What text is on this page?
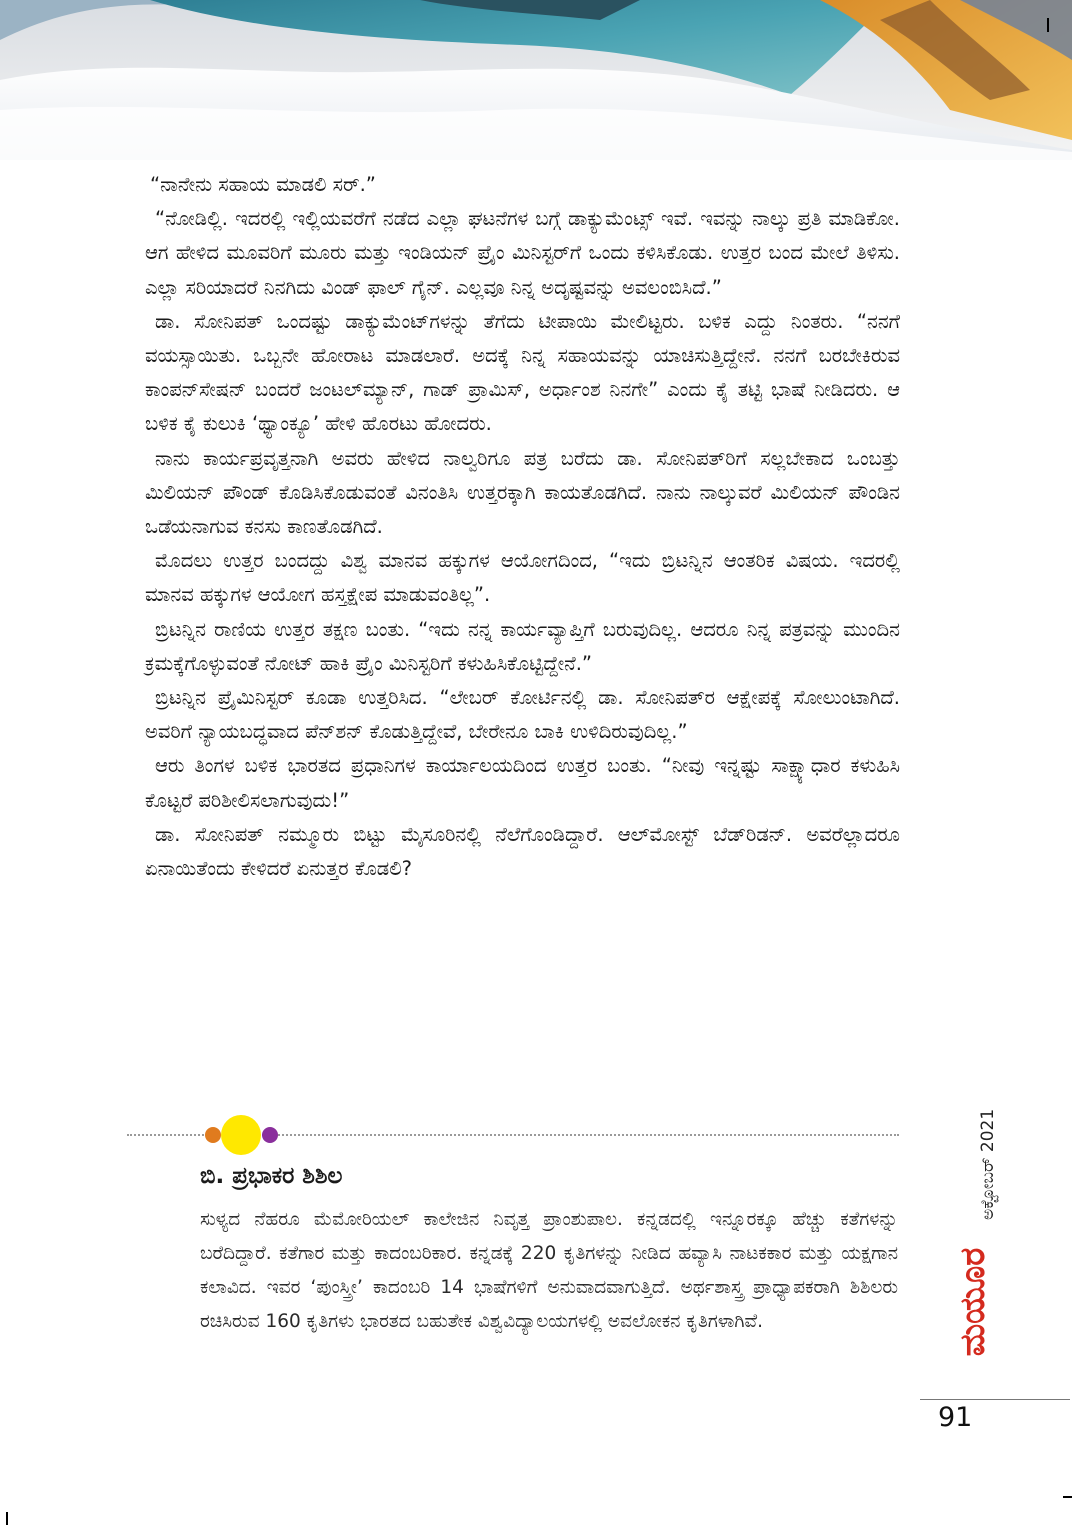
“ನಾನೇನು ಸಹಾಯ ಮಾಡಲಿ ಸರ್.”

“ನೋಡಿಲ್ಲಿ. ಇದರಲ್ಲಿ ಇಲ್ಲಿಯವರೆಗೆ ನಡೆದ ಎಲ್ಲಾ ಘಟನೆಗಳ ಬಗ್ಗೆ ಡಾಕ್ಯುಮೆಂಟ್ಸ್ ಇವೆ. ಇವನ್ನು ನಾಲ್ಕು ಪ್ರತಿ ಮಾಡಿಕೋ. ಆಗ ಹೇಳಿದ ಮೂವರಿಗೆ ಮೂರು ಮತ್ತು ಇಂಡಿಯನ್ ಪ್ರೈಂ ಮಿನಿಸ್ಟರ್‌ಗೆ ಒಂದು ಕಳಿಸಿಕೊಡು. ಉತ್ತರ ಬಂದ ಮೇಲೆ ತಿಳಿಸು. ಎಲ್ಲಾ ಸರಿಯಾದರೆ ನಿನಗಿದು ವಿಂಡ್ ಫಾಲ್ ಗೈನ್. ಎಲ್ಲವೂ ನಿನ್ನ ಅದೃಷ್ಟವನ್ನು ಅವಲಂಬಿಸಿದೆ.”

ಡಾ. ಸೋನಿಪತ್ ಒಂದಷ್ಟು ಡಾಕ್ಯುಮೆಂಟ್‌ಗಳನ್ನು ತೆಗೆದು ಟೀಪಾಯಿ ಮೇಲಿಟ್ಟರು. ಬಳಿಕ ಎದ್ದು ನಿಂತರು. “ನನಗೆ ವಯಸ್ಸಾಯಿತು. ಒಬ್ಬನೇ ಹೋರಾಟ ಮಾಡಲಾರೆ. ಅದಕ್ಕೆ ನಿನ್ನ ಸಹಾಯವನ್ನು ಯಾಚಿಸುತ್ತಿದ್ದೇನೆ. ನನಗೆ ಬರಬೇಕಿರುವ ಕಾಂಪನ್‌ಸೇಷನ್ ಬಂದರೆ ಜಂಟಲ್‌ಮ್ಯಾನ್, ಗಾಡ್ ಪ್ರಾಮಿಸ್, ಅರ್ಧಾಂಶ ನಿನಗೇ” ಎಂದು ಕೈ ತಟ್ಟಿ ಭಾಷೆ ನೀಡಿದರು. ಆ ಬಳಿಕ ಕೈ ಕುಲುಕಿ ‘ಥ್ಯಾಂಕ್ಯೂ’ ಹೇಳಿ ಹೊರಟು ಹೋದರು.

ನಾನು ಕಾರ್ಯಪ್ರವೃತ್ತನಾಗಿ ಅವರು ಹೇಳಿದ ನಾಲ್ವರಿಗೂ ಪತ್ರ ಬರೆದು ಡಾ. ಸೋನಿಪತ್‌ರಿಗೆ ಸಲ್ಲಬೇಕಾದ ಒಂಬತ್ತು ಮಿಲಿಯನ್ ಪೌಂಡ್ ಕೊಡಿಸಿಕೊಡುವಂತೆ ವಿನಂತಿಸಿ ಉತ್ತರಕ್ಕಾಗಿ ಕಾಯತೊಡಗಿದೆ. ನಾನು ನಾಲ್ಕುವರೆ ಮಿಲಿಯನ್ ಪೌಂಡಿನ ಒಡೆಯನಾಗುವ ಕನಸು ಕಾಣತೊಡಗಿದೆ.

ಮೊದಲು ಉತ್ತರ ಬಂದದ್ದು ವಿಶ್ವ ಮಾನವ ಹಕ್ಕುಗಳ ಆಯೋಗದಿಂದ, “ಇದು ಬ್ರಿಟನ್ನಿನ ಆಂತರಿಕ ವಿಷಯ. ಇದರಲ್ಲಿ ಮಾನವ ಹಕ್ಕುಗಳ ಆಯೋಗ ಹಸ್ತಕ್ಷೇಪ ಮಾಡುವಂತಿಲ್ಲ”.

ಬ್ರಿಟನ್ನಿನ ರಾಣಿಯ ಉತ್ತರ ತಕ್ಷಣ ಬಂತು. “ಇದು ನನ್ನ ಕಾರ್ಯವ್ಯಾಪ್ತಿಗೆ ಬರುವುದಿಲ್ಲ. ಆದರೂ ನಿನ್ನ ಪತ್ರವನ್ನು ಮುಂದಿನ ಕ್ರಮಕ್ಕೆಗೊಳ್ಳುವಂತೆ ನೋಟ್ ಹಾಕಿ ಪ್ರೈಂ ಮಿನಿಸ್ಟರಿಗೆ ಕಳುಹಿಸಿಕೊಟ್ಟಿದ್ದೇನೆ.”

ಬ್ರಿಟನ್ನಿನ ಪ್ರೈಮಿನಿಸ್ಟರ್ ಕೂಡಾ ಉತ್ತರಿಸಿದ. “ಲೇಬರ್ ಕೋರ್ಟಿನಲ್ಲಿ ಡಾ. ಸೋನಿಪತ್‌ರ ಆಕ್ಷೇಪಕ್ಕೆ ಸೋಲುಂಟಾಗಿದೆ. ಅವರಿಗೆ ನ್ಯಾಯಬದ್ಧವಾದ ಪೆನ್‌ಶನ್ ಕೊಡುತ್ತಿದ್ದೇವೆ, ಬೇರೇನೂ ಬಾಕಿ ಉಳಿದಿರುವುದಿಲ್ಲ.”

ಆರು ತಿಂಗಳ ಬಳಿಕ ಭಾರತದ ಪ್ರಧಾನಿಗಳ ಕಾರ್ಯಾಲಯದಿಂದ ಉತ್ತರ ಬಂತು. “ನೀವು ಇನ್ನಷ್ಟು ಸಾಕ್ಷ್ಯಾಧಾರ ಕಳುಹಿಸಿ ಕೊಟ್ಟರೆ ಪರಿಶೀಲಿಸಲಾಗುವುದು!”

ಡಾ. ಸೋನಿಪತ್ ನಮ್ಮೂರು ಬಿಟ್ಟು ಮೈಸೂರಿನಲ್ಲಿ ನೆಲೆಗೊಂಡಿದ್ದಾರೆ. ಆಲ್‌ಮೋಸ್ಟ್ ಬೆಡ್‌ರಿಡನ್. ಅವರೆಲ್ಲಾದರೂ ಏನಾಯಿತೆಂದು ಕೇಳಿದರೆ ಏನುತ್ತರ ಕೊಡಲಿ?

ಬಿ. ಪ್ರಭಾಕರ ಶಿಶಿಲ
ಸುಳ್ಯದ ನೆಹರೂ ಮೆಮೋರಿಯಲ್ ಕಾಲೇಜಿನ ನಿವೃತ್ತ ಪ್ರಾಂಶುಪಾಲ. ಕನ್ನಡದಲ್ಲಿ ಇನ್ನೂರಕ್ಕೂ ಹೆಚ್ಚು ಕತೆಗಳನ್ನು ಬರೆದಿದ್ದಾರೆ. ಕತೆಗಾರ ಮತ್ತು ಕಾದಂಬರಿಕಾರ. ಕನ್ನಡಕ್ಕೆ 220 ಕೃತಿಗಳನ್ನು ನೀಡಿದ ಹವ್ಯಾಸಿ ನಾಟಕಕಾರ ಮತ್ತು ಯಕ್ಷಗಾನ ಕಲಾವಿದ. ಇವರ ‘ಪುಂಸ್ತ್ರೀ’ ಕಾದಂಬರಿ 14 ಭಾಷೆಗಳಿಗೆ ಅನುವಾದವಾಗುತ್ತಿದೆ. ಅರ್ಥಶಾಸ್ತ್ರ ಪ್ರಾಧ್ಯಾಪಕರಾಗಿ ಶಿಶಿಲರು ರಚಿಸಿರುವ 160 ಕೃತಿಗಳು ಭಾರತದ ಬಹುತೇಕ ವಿಶ್ವವಿದ್ಯಾಲಯಗಳಲ್ಲಿ ಅವಲೋಕನ ಕೃತಿಗಳಾಗಿವೆ.
ಅಕ್ಟೋಬರ್ 2021
ಮಯೂರ
91
